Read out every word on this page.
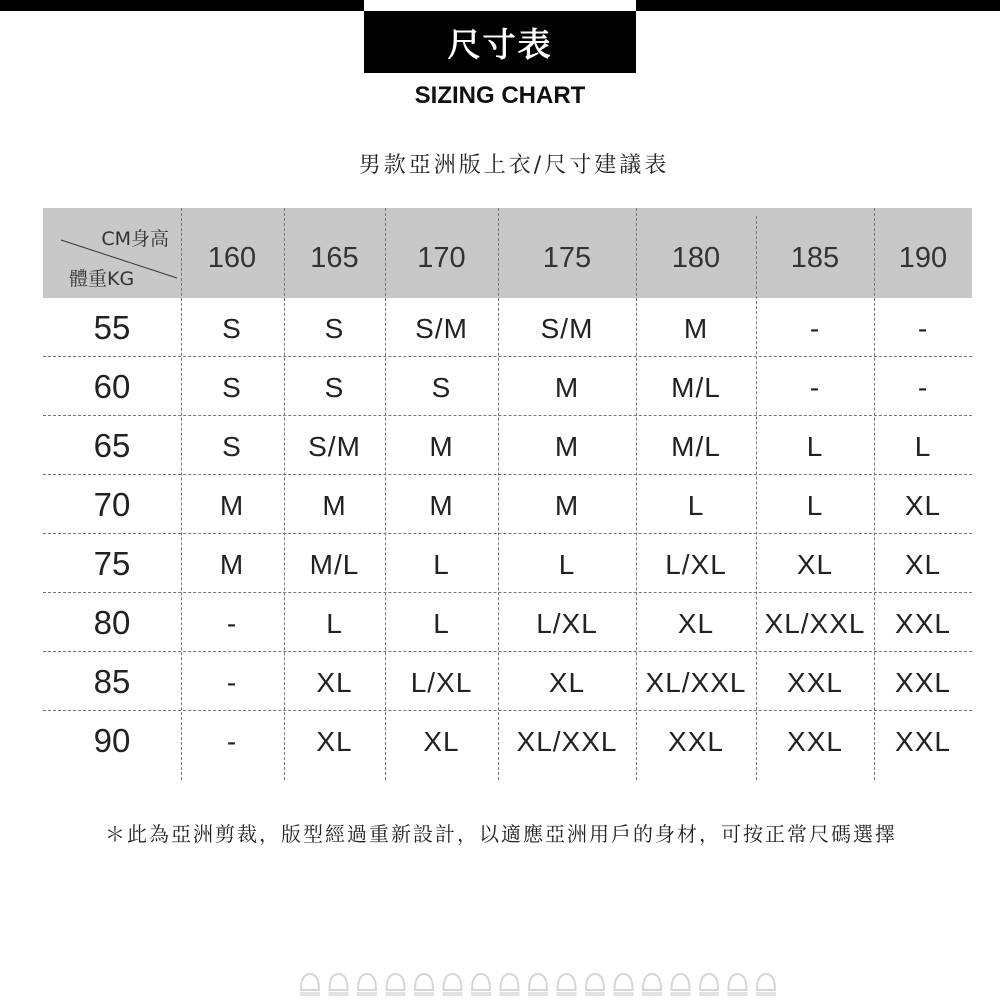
尺寸表
SIZING CHART
男款亞洲版上衣/尺寸建議表
CM身高
體重KG
160	165	170	175	180	185	190
55	S	S	S/M	S/M	M	-	-
60	S	S	S	M	M/L	-	-
65	S	S/M	M	M	M/L	L	L
70	M	M	M	M	L	L	XL
75	M	M/L	L	L	L/XL	XL	XL
80	-	L	L	L/XL	XL	XL/XXL	XXL
85	-	XL	L/XL	XL	XL/XXL	XXL	XXL
90	-	XL	XL	XL/XXL	XXL	XXL	XXL
＊此為亞洲剪裁，版型經過重新設計，以適應亞洲用戶的身材，可按正常尺碼選擇
